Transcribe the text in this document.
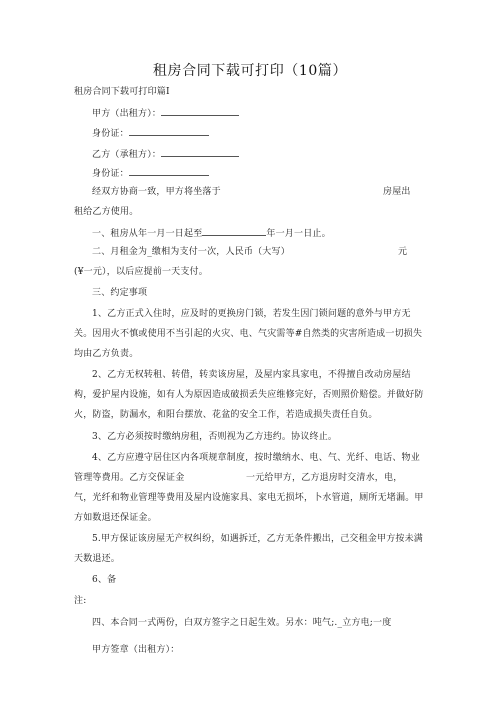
租房合同下载可打印（10篇）
租房合同下载可打印篇I
甲方（出租方）：
身份证：
乙方（承租方）：
身份证：
经双方协商一致，甲方将坐落于	房屋出
租给乙方使用。
一、租房从年一月一日起至	年一月一日止。
二、月租金为_缴相为支付一次，人民币（大写）	元
(¥一元），以后应提前一天支付。
三、约定事项
1、乙方正式入住时，应及时的更换房门锁，若发生因门锁问题的意外与甲方无
关。因用火不慎或使用不当引起的火灾、电、气灾需等#自然类的灾害所造成一切损失
均由乙方负责。
2、乙方无权转租、转借，转卖该房屋，及屋内家具家电，不得擅自改动房屋结
构，爱护屋内设施，如有人为原因造成破损丢失应维修完好，否则照价赔偿。并做好防
火，防盗，防漏水，和阳台摆放、花盆的安全工作，若造成损失责任自负。
3、乙方必须按时缴纳房租，否则视为乙方违约。协议终止。
4、乙方应遵守居住区内各项规章制度，按时缴纳水、电、气、光纤、电话、物业
管理等费用。乙方交保证金	一元给甲方，乙方退房时交清水，电，
气，光纤和物业管理等费用及屋内设施家具、家电无损坏，卜水管道，厕所无堵漏。甲
方如数退还保证金。
5.甲方保证该房屋无产权纠纷，如遇拆迁，乙方无条件搬出，己交租金甲方按未满
天数退还。
6、备
注:
四、本合同一式两份，白双方签字之日起生效。另水：吨气;._立方电;一度
甲方签章（出租方）：
